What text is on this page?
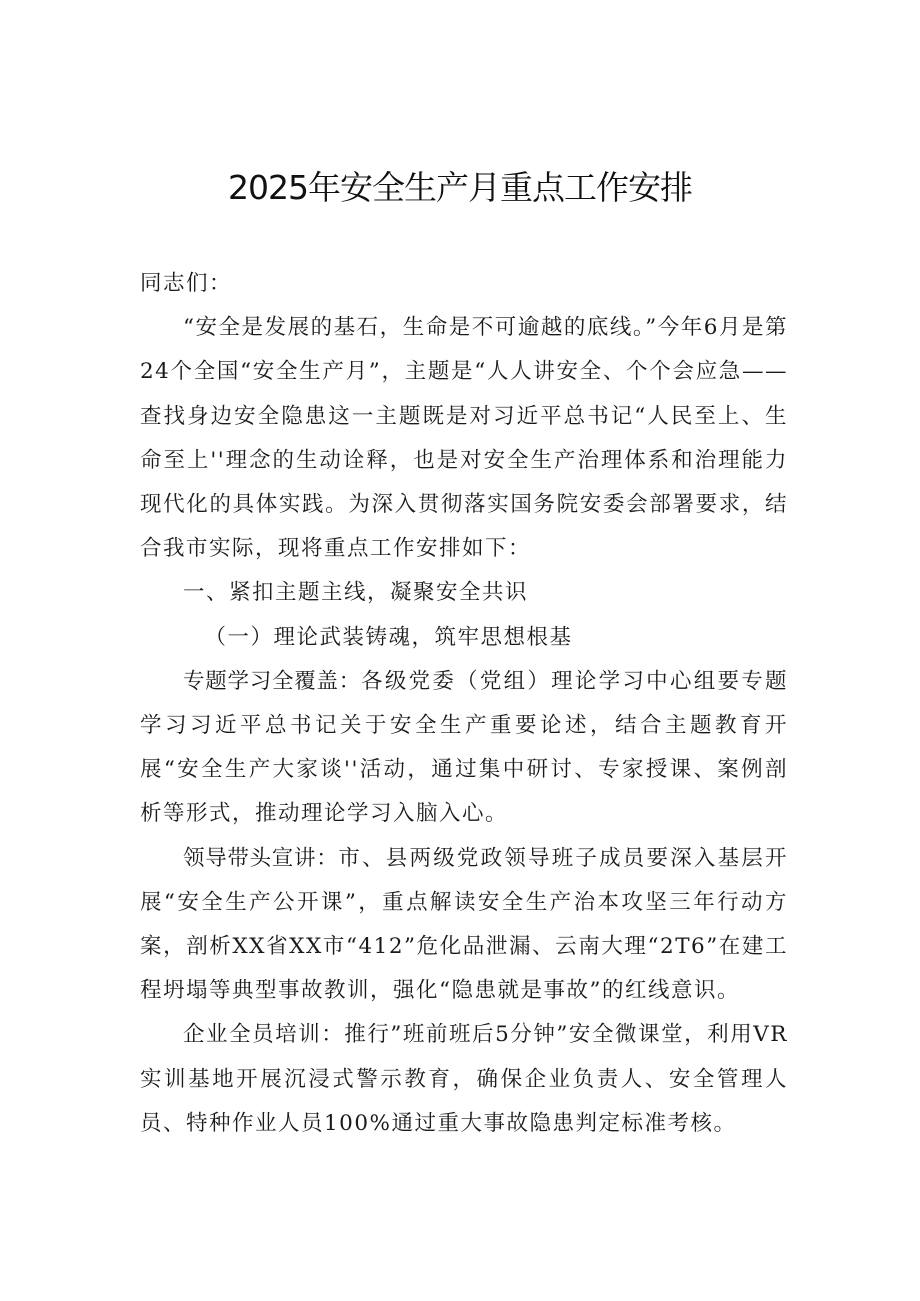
2025年安全生产月重点工作安排

同志们：

“安全是发展的基石，生命是不可逾越的底线。”今年6月是第24个全国“安全生产月”，主题是“人人讲安全、个个会应急——查找身边安全隐患这一主题既是对习近平总书记“人民至上、生命至上''理念的生动诠释，也是对安全生产治理体系和治理能力现代化的具体实践。为深入贯彻落实国务院安委会部署要求，结合我市实际，现将重点工作安排如下：

一、紧扣主题主线，凝聚安全共识

（一）理论武装铸魂，筑牢思想根基

专题学习全覆盖：各级党委（党组）理论学习中心组要专题学习习近平总书记关于安全生产重要论述，结合主题教育开展“安全生产大家谈''活动，通过集中研讨、专家授课、案例剖析等形式，推动理论学习入脑入心。

领导带头宣讲：市、县两级党政领导班子成员要深入基层开展“安全生产公开课”，重点解读安全生产治本攻坚三年行动方案，剖析XX省XX市“412”危化品泄漏、云南大理“2T6”在建工程坍塌等典型事故教训，强化“隐患就是事故”的红线意识。

企业全员培训：推行”班前班后5分钟”安全微课堂，利用VR实训基地开展沉浸式警示教育，确保企业负责人、安全管理人员、特种作业人员100%通过重大事故隐患判定标准考核。
